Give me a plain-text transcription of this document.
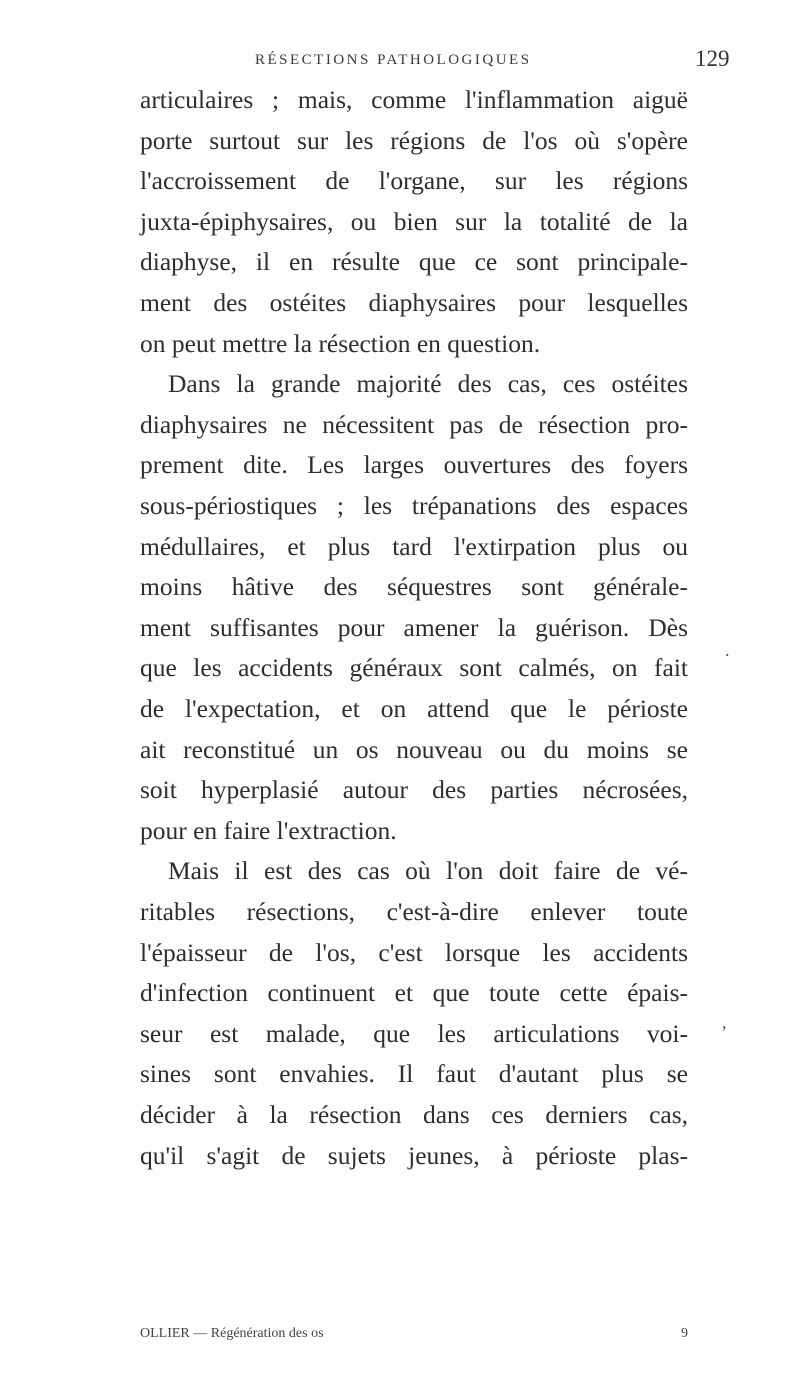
RÉSECTIONS PATHOLOGIQUES	129
articulaires ; mais, comme l'inflammation aiguë
porte surtout sur les régions de l'os où s'opère
l'accroissement de l'organe, sur les régions
juxta-épiphysaires, ou bien sur la totalité de la
diaphyse, il en résulte que ce sont principale-
ment des ostéites diaphysaires pour lesquelles
on peut mettre la résection en question.
Dans la grande majorité des cas, ces ostéites
diaphysaires ne nécessitent pas de résection pro-
prement dite. Les larges ouvertures des foyers
sous-périostiques ; les trépanations des espaces
médullaires, et plus tard l'extirpation plus ou
moins hâtive des séquestres sont générale-
ment suffisantes pour amener la guérison. Dès
que les accidents généraux sont calmés, on fait
de l'expectation, et on attend que le périoste
ait reconstitué un os nouveau ou du moins se
soit hyperplasié autour des parties nécrosées,
pour en faire l'extraction.
Mais il est des cas où l'on doit faire de vé-
ritables résections, c'est-à-dire enlever toute
l'épaisseur de l'os, c'est lorsque les accidents
d'infection continuent et que toute cette épais-
seur est malade, que les articulations voi-
sines sont envahies. Il faut d'autant plus se
décider à la résection dans ces derniers cas,
qu'il s'agit de sujets jeunes, à périoste plas-
.
,
OLLIER — Régénération des os	9
